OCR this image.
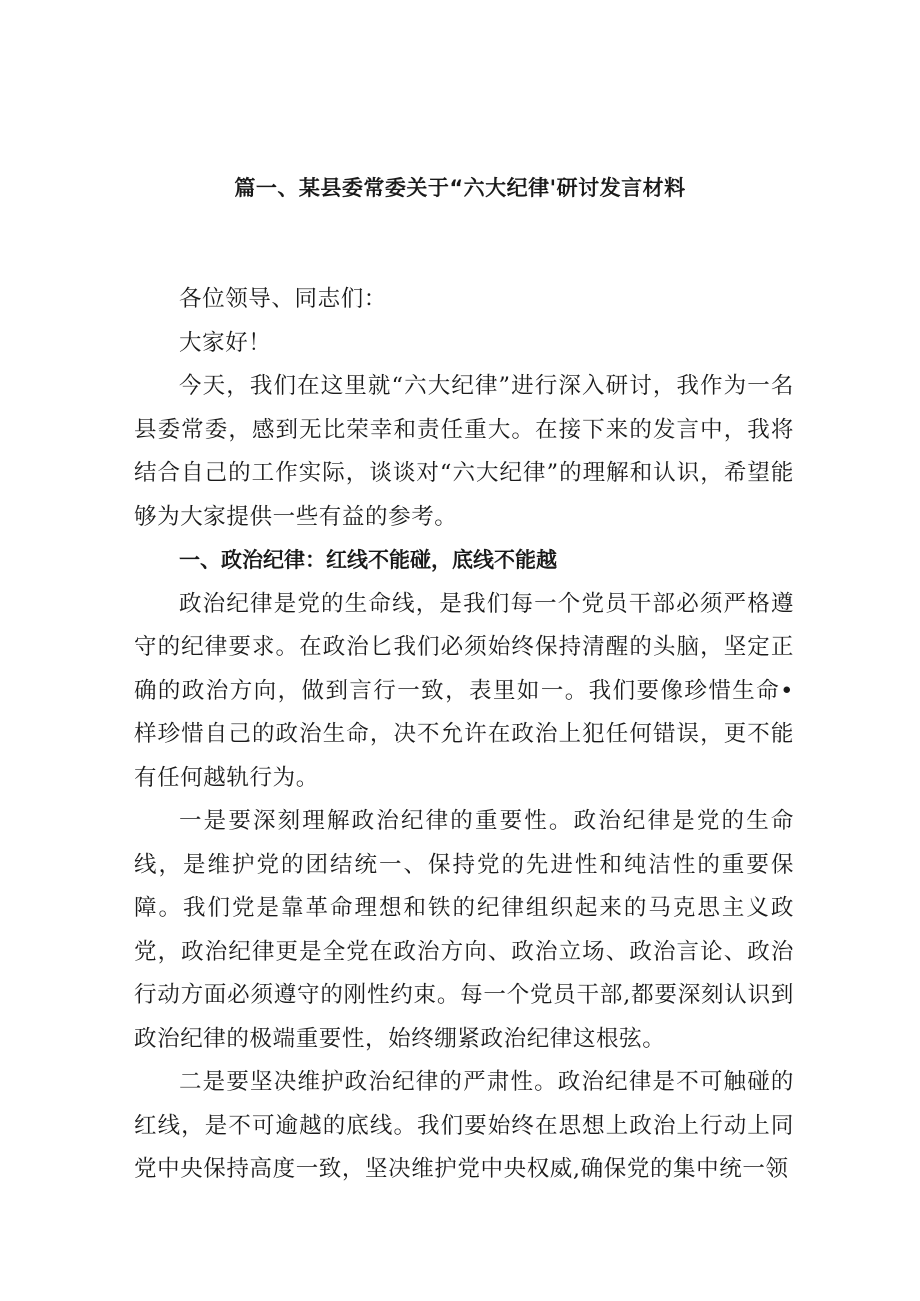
篇一、某县委常委关于“六大纪律'研讨发言材料

各位领导、同志们：

大家好！

今天，我们在这里就“六大纪律”进行深入研讨，我作为一名县委常委，感到无比荣幸和责任重大。在接下来的发言中，我将结合自己的工作实际，谈谈对“六大纪律”的理解和认识，希望能够为大家提供一些有益的参考。

一、政治纪律：红线不能碰，底线不能越

政治纪律是党的生命线，是我们每一个党员干部必须严格遵守的纪律要求。在政治匕我们必须始终保持清醒的头脑，坚定正确的政治方向，做到言行一致，表里如一。我们要像珍惜生命•样珍惜自己的政治生命，决不允许在政治上犯任何错误，更不能有任何越轨行为。

一是要深刻理解政治纪律的重要性。政治纪律是党的生命线，是维护党的团结统一、保持党的先进性和纯洁性的重要保障。我们党是靠革命理想和铁的纪律组织起来的马克思主义政党，政治纪律更是全党在政治方向、政治立场、政治言论、政治行动方面必须遵守的刚性约束。每一个党员干部,都要深刻认识到政治纪律的极端重要性，始终绷紧政治纪律这根弦。

二是要坚决维护政治纪律的严肃性。政治纪律是不可触碰的红线，是不可逾越的底线。我们要始终在思想上政治上行动上同党中央保持高度一致，坚决维护党中央权威,确保党的集中统一领
